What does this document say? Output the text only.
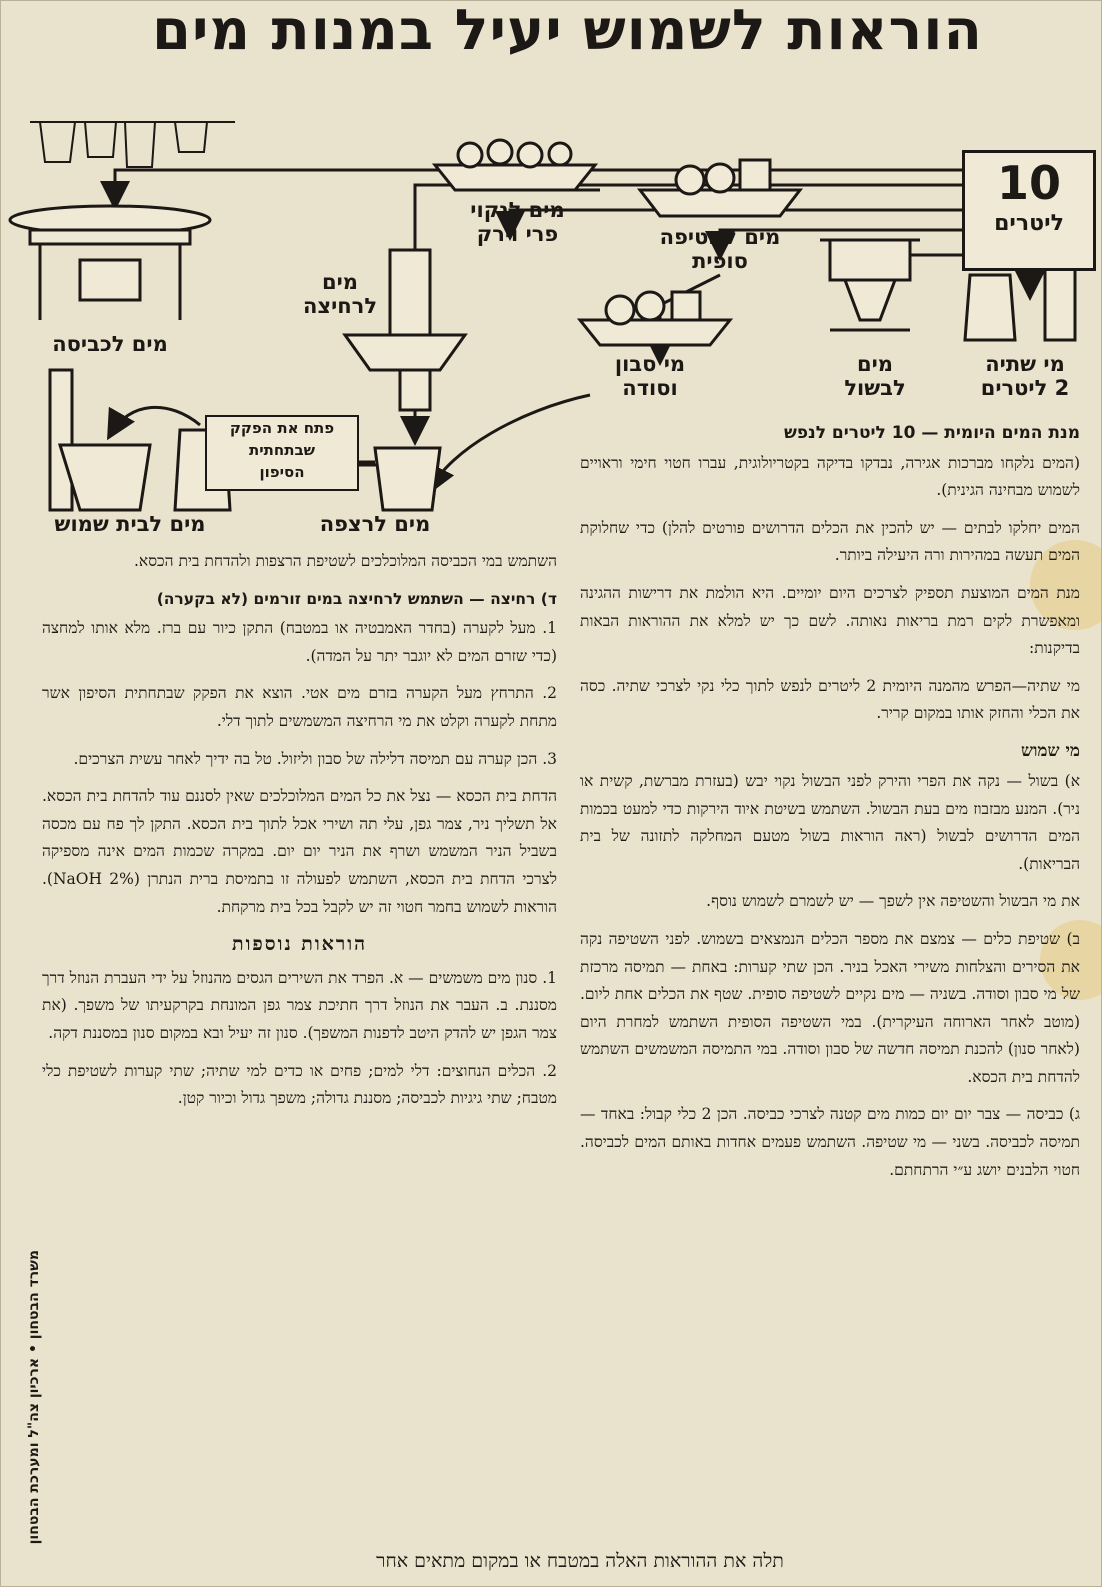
הוראות לשמוש יעיל במנות מים
10
ליטרים
מים לכביסה
מים לנקוי
פרי וירק
מים
לרחיצה
מים לשטיפה
סופית
מי סבון
וסודה
מים
לבשול
מי שתיה
2 ליטרים
מים לבית שמוש	מים לרצפה
פתח את הפקק
שבתחתית
הסיפון

מנת המים היומית — 10 ליטרים לנפש

(המים נלקחו מברכות אגירה, נבדקו בדיקה בקטריולוגית, עברו חטוי חימי וראויים לשמוש מבחינה הגינית).

המים יחלקו לבתים — יש להכין את הכלים הדרושים פורטים להלן) כדי שחלוקת המים תעשה במהירות ורה היעילה ביותר.

מנת המים המוצעת תספיק לצרכים היום יומיים. היא הולמת את דרישות ההגינה ומאפשרת לקים רמת בריאות נאותה. לשם כך יש למלא את ההוראות הבאות בדיקנות:

מי שתיה—הפרש מהמנה היומית 2 ליטרים לנפש לתוך כלי נקי לצרכי שתיה. כסה את הכלי והחזק אותו במקום קריר.

מי שמוש

א) בשול — נקה את הפרי והירק לפני הבשול נקוי יבש (בעזרת מברשת, קשית או ניר). המנע מבזבוז מים בעת הבשול. השתמש בשיטת איוד הירקות כדי למעט בכמות המים הדרושים לבשול (ראה הוראות בשול מטעם המחלקה לתזונה של בית הבריאות).

את מי הבשול והשטיפה אין לשפך — יש לשמרם לשמוש נוסף.

ב) שטיפת כלים — צמצם את מספר הכלים הנמצאים בשמוש. לפני השטיפה נקה את הסירים והצלחות משירי האכל בניר. הכן שתי קערות: באחת — תמיסה מרכזת של מי סבון וסודה. בשניה — מים נקיים לשטיפה סופית. שטף את הכלים אחת ליום. (מוטב לאחר הארוחה העיקרית). במי השטיפה הסופית השתמש למחרת היום (לאחר סנון) להכנת תמיסה חדשה של סבון וסודה. במי התמיסה המשמשים השתמש להדחת בית הכסא.

ג) כביסה — צבר יום יום כמות מים קטנה לצרכי כביסה. הכן 2 כלי קבול: באחד — תמיסה לכביסה. בשני — מי שטיפה. השתמש פעמים אחדות באותם המים לכביסה. חטוי הלבנים יושג ע״י הרתחתם.

השתמש במי הכביסה המלוכלכים לשטיפת הרצפות ולהדחת בית הכסא.

ד) רחיצה — השתמש לרחיצה במים זורמים (לא בקערה)

1. מעל לקערה (בחדר האמבטיה או במטבח) התקן כיור עם ברז. מלא אותו למחצה (כדי שזרם המים לא יוגבר יתר על המדה).

2. התרחץ מעל הקערה בזרם מים אטי. הוצא את הפקק שבתחתית הסיפון אשר מתחת לקערה וקלט את מי הרחיצה המשמשים לתוך דלי.

3. הכן קערה עם תמיסה דלילה של סבון וליזול. טל בה ידיך לאחר עשית הצרכים.

הדחת בית הכסא — נצל את כל המים המלוכלכים שאין לסננם עוד להדחת בית הכסא. אל תשליך ניר, צמר גפן, עלי תה ושירי אכל לתוך בית הכסא. התקן לך פח עם מכסה בשביל הניר המשמש ושרף את הניר יום יום. במקרה שכמות המים אינה מספיקה לצרכי הדחת בית הכסא, השתמש לפעולה זו בתמיסת ברית הנתרן (NaOH 2%). הוראות לשמוש בחמר חטוי זה יש לקבל בכל בית מרקחת.

הוראות נוספות

1. סנון מים משמשים — א. הפרד את השירים הגסים מהנוזל על ידי העברת הנוזל דרך מסננת. ב. העבר את הנוזל דרך חתיכת צמר גפן המונחת בקרקעיתו של משפך. (את צמר הגפן יש להדק היטב לדפנות המשפך). סנון זה יעיל ובא במקום סנון במסננת דקה.

2. הכלים הנחוצים: דלי למים; פחים או כדים למי שתיה; שתי קערות לשטיפת כלי מטבח; שתי גיגיות לכביסה; מסננת גדולה; משפך גדול וכיור קטן.

תלה את ההוראות האלה במטבח או במקום מתאים אחר
משרד הבטחון • ארכיון צה"ל ומערכת הבטחון
